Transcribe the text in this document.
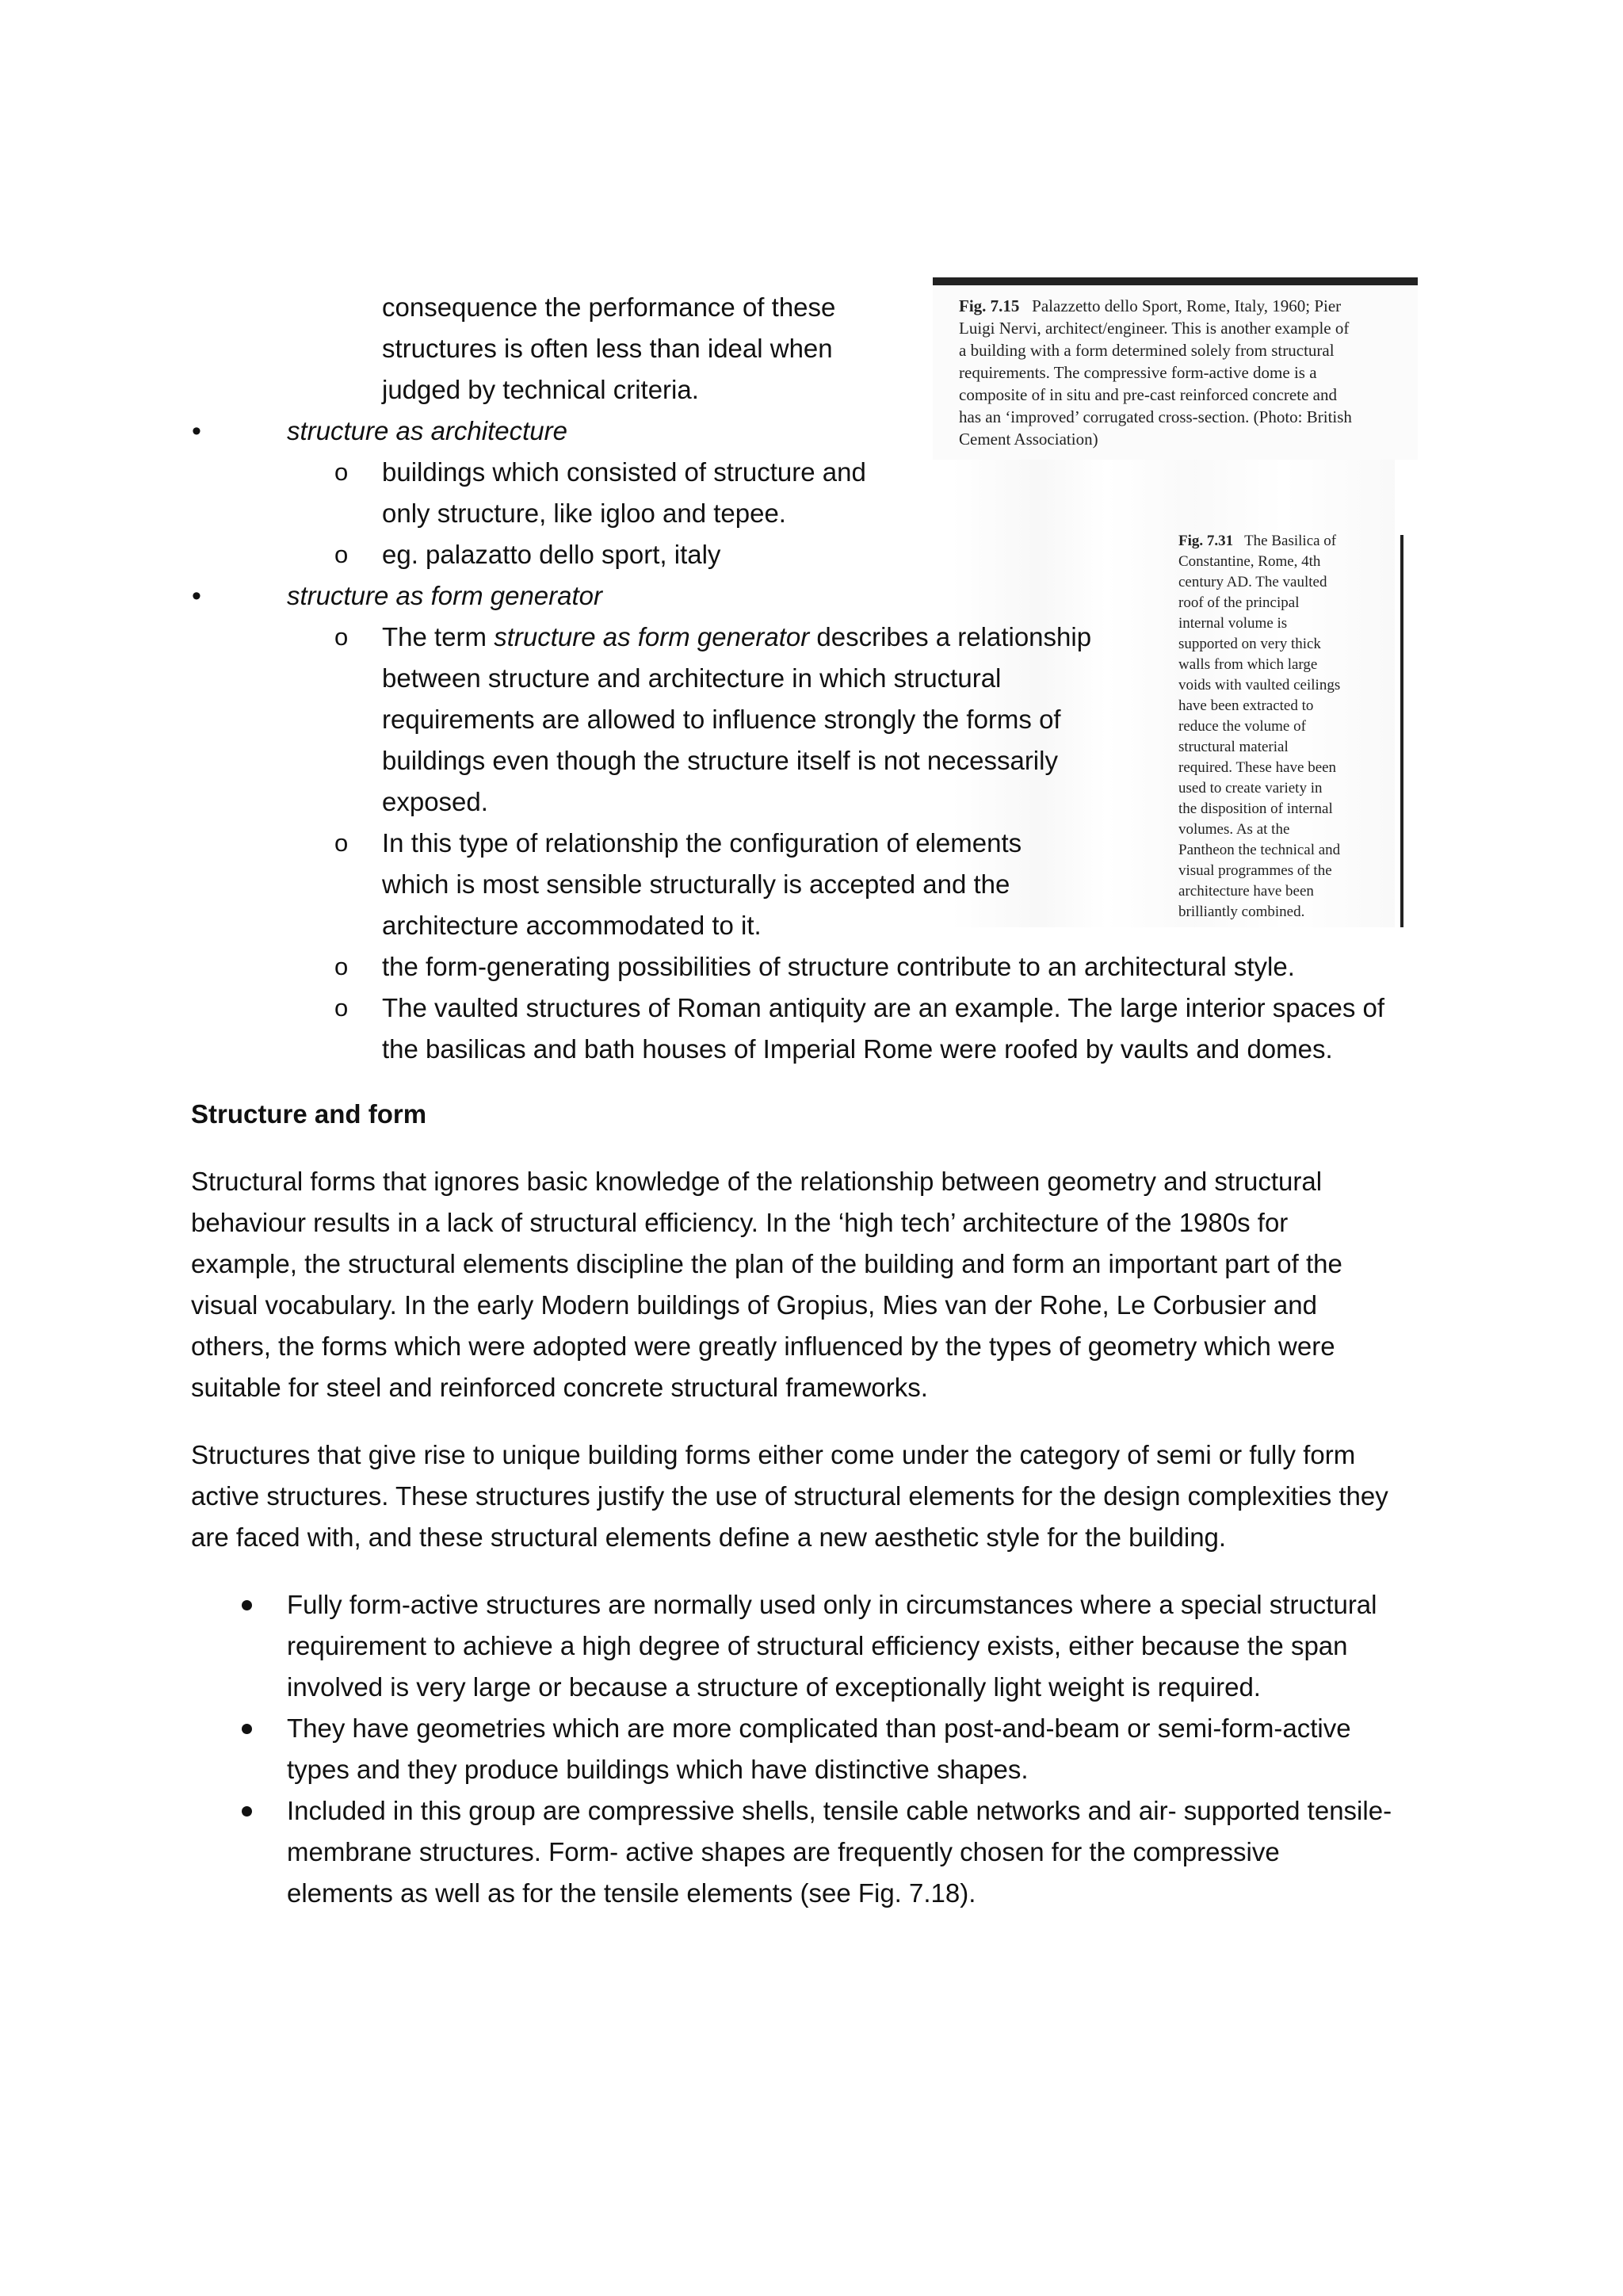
Fig. 7.15 Palazzetto dello Sport, Rome, Italy, 1960; Pier
Luigi Nervi, architect/engineer. This is another example of
a building with a form determined solely from structural
requirements. The compressive form-active dome is a
composite of in situ and pre-cast reinforced concrete and
has an ‘improved’ corrugated cross-section. (Photo: British
Cement Association)
Fig. 7.31 The Basilica of
Constantine, Rome, 4th
century AD. The vaulted
roof of the principal
internal volume is
supported on very thick
walls from which large
voids with vaulted ceilings
have been extracted to
reduce the volume of
structural material
required. These have been
used to create variety in
the disposition of internal
volumes. As at the
Pantheon the technical and
visual programmes of the
architecture have been
brilliantly combined.
consequence the performance of these
structures is often less than ideal when
judged by technical criteria.
•	structure as architecture
o buildings which consisted of structure and
only structure, like igloo and tepee.
o eg. palazatto dello sport, italy
•	structure as form generator
o The term structure as form generator describes a relationship
between structure and architecture in which structural
requirements are allowed to influence strongly the forms of
buildings even though the structure itself is not necessarily
exposed.
o In this type of relationship the configuration of elements
which is most sensible structurally is accepted and the
architecture accommodated to it.
o the form-generating possibilities of structure contribute to an architectural style.
o The vaulted structures of Roman antiquity are an example. The large interior spaces of
the basilicas and bath houses of Imperial Rome were roofed by vaults and domes.
Structure and form
Structural forms that ignores basic knowledge of the relationship between geometry and structural
behaviour results in a lack of structural efficiency. In the ‘high tech’ architecture of the 1980s for
example, the structural elements discipline the plan of the building and form an important part of the
visual vocabulary. In the early Modern buildings of Gropius, Mies van der Rohe, Le Corbusier and
others, the forms which were adopted were greatly influenced by the types of geometry which were
suitable for steel and reinforced concrete structural frameworks.
Structures that give rise to unique building forms either come under the category of semi or fully form
active structures. These structures justify the use of structural elements for the design complexities they
are faced with, and these structural elements define a new aesthetic style for the building.
Fully form-active structures are normally used only in circumstances where a special structural
requirement to achieve a high degree of structural efficiency exists, either because the span
involved is very large or because a structure of exceptionally light weight is required.
They have geometries which are more complicated than post-and-beam or semi-form-active
types and they produce buildings which have distinctive shapes.
Included in this group are compressive shells, tensile cable networks and air- supported tensile-
membrane structures. Form- active shapes are frequently chosen for the compressive
elements as well as for the tensile elements (see Fig. 7.18).
